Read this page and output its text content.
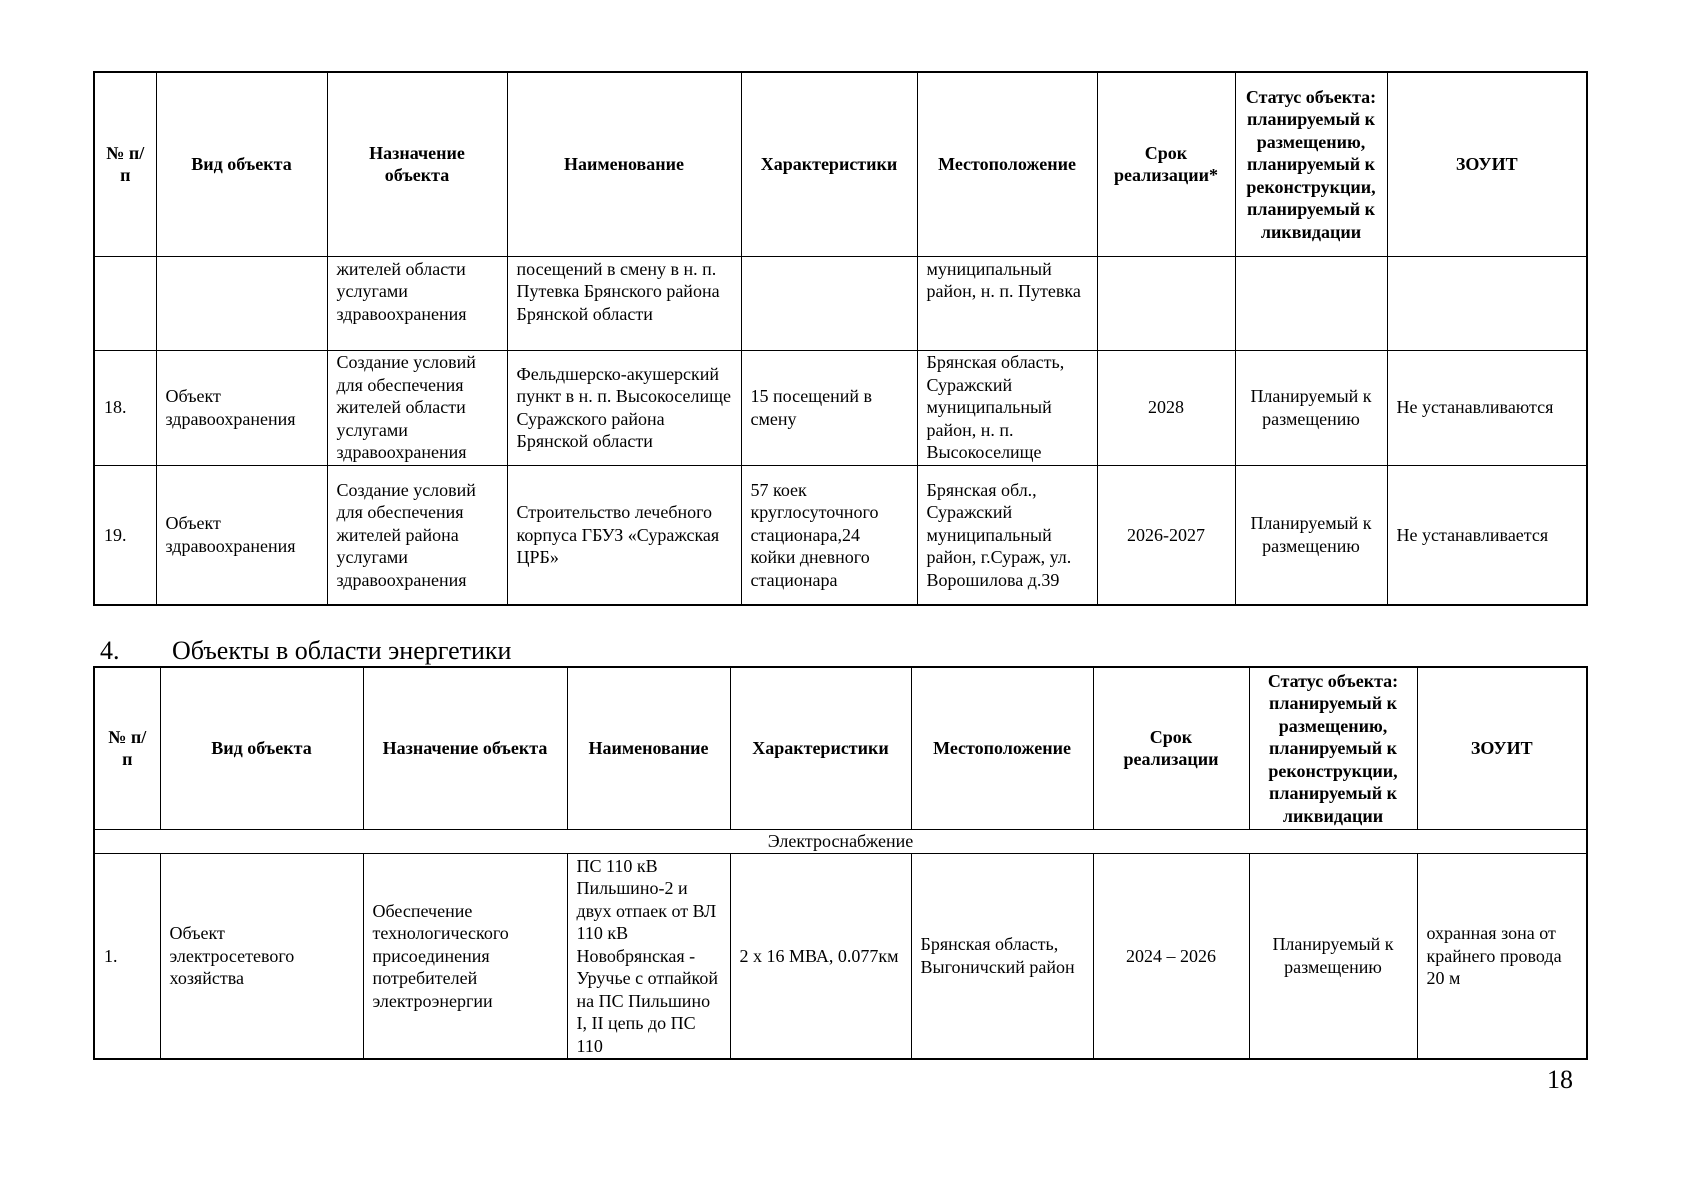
№ п/п	Вид объекта	Назначение объекта	Наименование	Характеристики	Местоположение	Срок реализации*	Статус объекта: планируемый к размещению, планируемый к реконструкции, планируемый к ликвидации	ЗОУИТ
		жителей области услугами здравоохранения	посещений в смену в н. п. Путевка Брянского района Брянской области		муниципальный район, н. п. Путевка			
18.	Объект здравоохранения	Создание условий для обеспечения жителей области услугами здравоохранения	Фельдшерско-акушерский пункт в н. п. Высокоселище Суражского района Брянской области	15 посещений в смену	Брянская область, Суражский муниципальный район, н. п. Высокоселище	2028	Планируемый к размещению	Не устанавливаются
19.	Объект здравоохранения	Создание условий для обеспечения жителей района услугами здравоохранения	Строительство лечебного корпуса ГБУЗ «Суражская ЦРБ»	57 коек круглосуточного стационара,24 койки дневного стационара	Брянская обл., Суражский муниципальный район, г.Сураж, ул. Ворошилова д.39	2026-2027	Планируемый к размещению	Не устанавливается
4. Объекты в области энергетики
№ п/п	Вид объекта	Назначение объекта	Наименование	Характеристики	Местоположение	Срок реализации	Статус объекта: планируемый к размещению, планируемый к реконструкции, планируемый к ликвидации	ЗОУИТ
Электроснабжение								
1.	Объект электросетевого хозяйства	Обеспечение технологического присоединения потребителей электроэнергии	ПС 110 кВ Пильшино-2 и двух отпаек от ВЛ 110 кВ Новобрянская - Уручье с отпайкой на ПС Пильшино I, II цепь до ПС 110	2 х 16 МВА, 0.077км	Брянская область, Выгоничский район	2024 – 2026	Планируемый к размещению	охранная зона от крайнего провода 20 м
18
